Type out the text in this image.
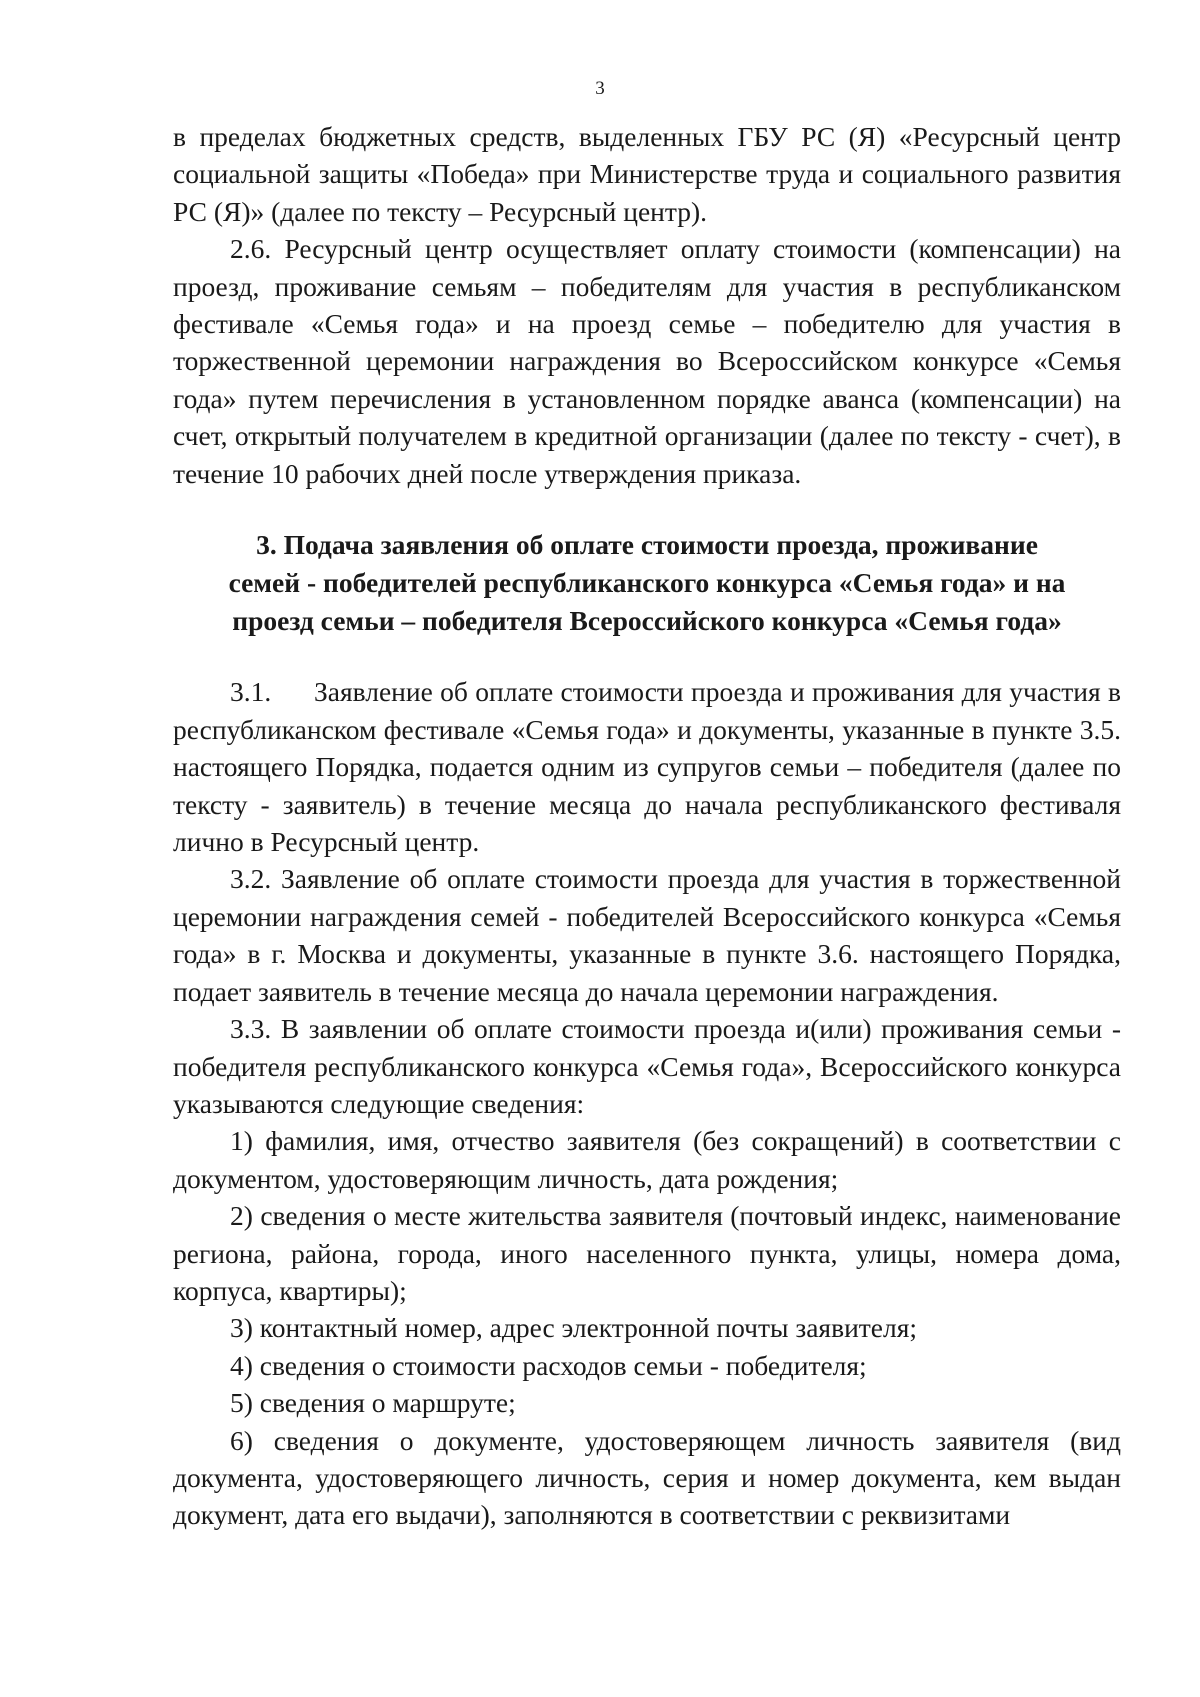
3

в пределах бюджетных средств, выделенных ГБУ РС (Я) «Ресурсный центр социальной защиты «Победа» при Министерстве труда и социального развития РС (Я)» (далее по тексту – Ресурсный центр).

2.6. Ресурсный центр осуществляет оплату стоимости (компенсации) на проезд, проживание семьям – победителям для участия в республиканском фестивале «Семья года» и на проезд семье – победителю для участия в торжественной церемонии награждения во Всероссийском конкурсе «Семья года» путем перечисления в установленном порядке аванса (компенсации) на счет, открытый получателем в кредитной организации (далее по тексту - счет), в течение 10 рабочих дней после утверждения приказа.

3. Подача заявления об оплате стоимости проезда, проживание
семей - победителей республиканского конкурса «Семья года» и на
проезд семьи – победителя Всероссийского конкурса «Семья года»

3.1. Заявление об оплате стоимости проезда и проживания для участия в республиканском фестивале «Семья года» и документы, указанные в пункте 3.5. настоящего Порядка, подается одним из супругов семьи – победителя (далее по тексту - заявитель) в течение месяца до начала республиканского фестиваля лично в Ресурсный центр.

3.2. Заявление об оплате стоимости проезда для участия в торжественной церемонии награждения семей - победителей Всероссийского конкурса «Семья года» в г. Москва и документы, указанные в пункте 3.6. настоящего Порядка, подает заявитель в течение месяца до начала церемонии награждения.

3.3. В заявлении об оплате стоимости проезда и(или) проживания семьи - победителя республиканского конкурса «Семья года», Всероссийского конкурса указываются следующие сведения:

1) фамилия, имя, отчество заявителя (без сокращений) в соответствии с документом, удостоверяющим личность, дата рождения;

2) сведения о месте жительства заявителя (почтовый индекс, наименование региона, района, города, иного населенного пункта, улицы, номера дома, корпуса, квартиры);

3) контактный номер, адрес электронной почты заявителя;

4) сведения о стоимости расходов семьи - победителя;

5) сведения о маршруте;

6) сведения о документе, удостоверяющем личность заявителя (вид документа, удостоверяющего личность, серия и номер документа, кем выдан документ, дата его выдачи), заполняются в соответствии с реквизитами
